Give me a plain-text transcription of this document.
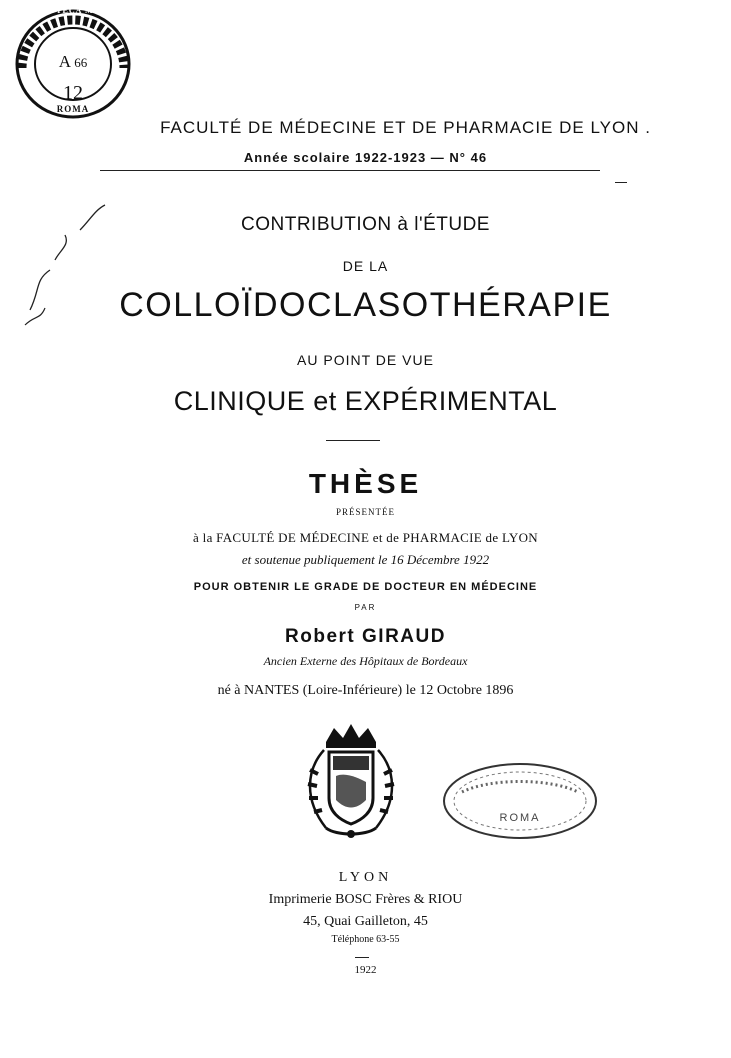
A 66
12
BIBLIOTECA MEDICA
ROMA
FACULTÉ DE MÉDECINE ET DE PHARMACIE DE LYON .
Année scolaire 1922-1923 — N° 46
CONTRIBUTION à l'ÉTUDE
DE LA
COLLOÏDOCLASOTHÉRAPIE
AU POINT DE VUE
CLINIQUE et EXPÉRIMENTAL
THÈSE
PRÉSENTÉE
à la FACULTÉ DE MÉDECINE et de PHARMACIE de LYON
et soutenue publiquement le 16 Décembre 1922
POUR OBTENIR LE GRADE DE DOCTEUR EN MÉDECINE
PAR
Robert GIRAUD
Ancien Externe des Hôpitaux de Bordeaux
né à NANTES (Loire-Inférieure) le 12 Octobre 1896
ROMA
LYON
Imprimerie BOSC Frères & RIOU
45, Quai Gailleton, 45
Téléphone 63-55
1922
